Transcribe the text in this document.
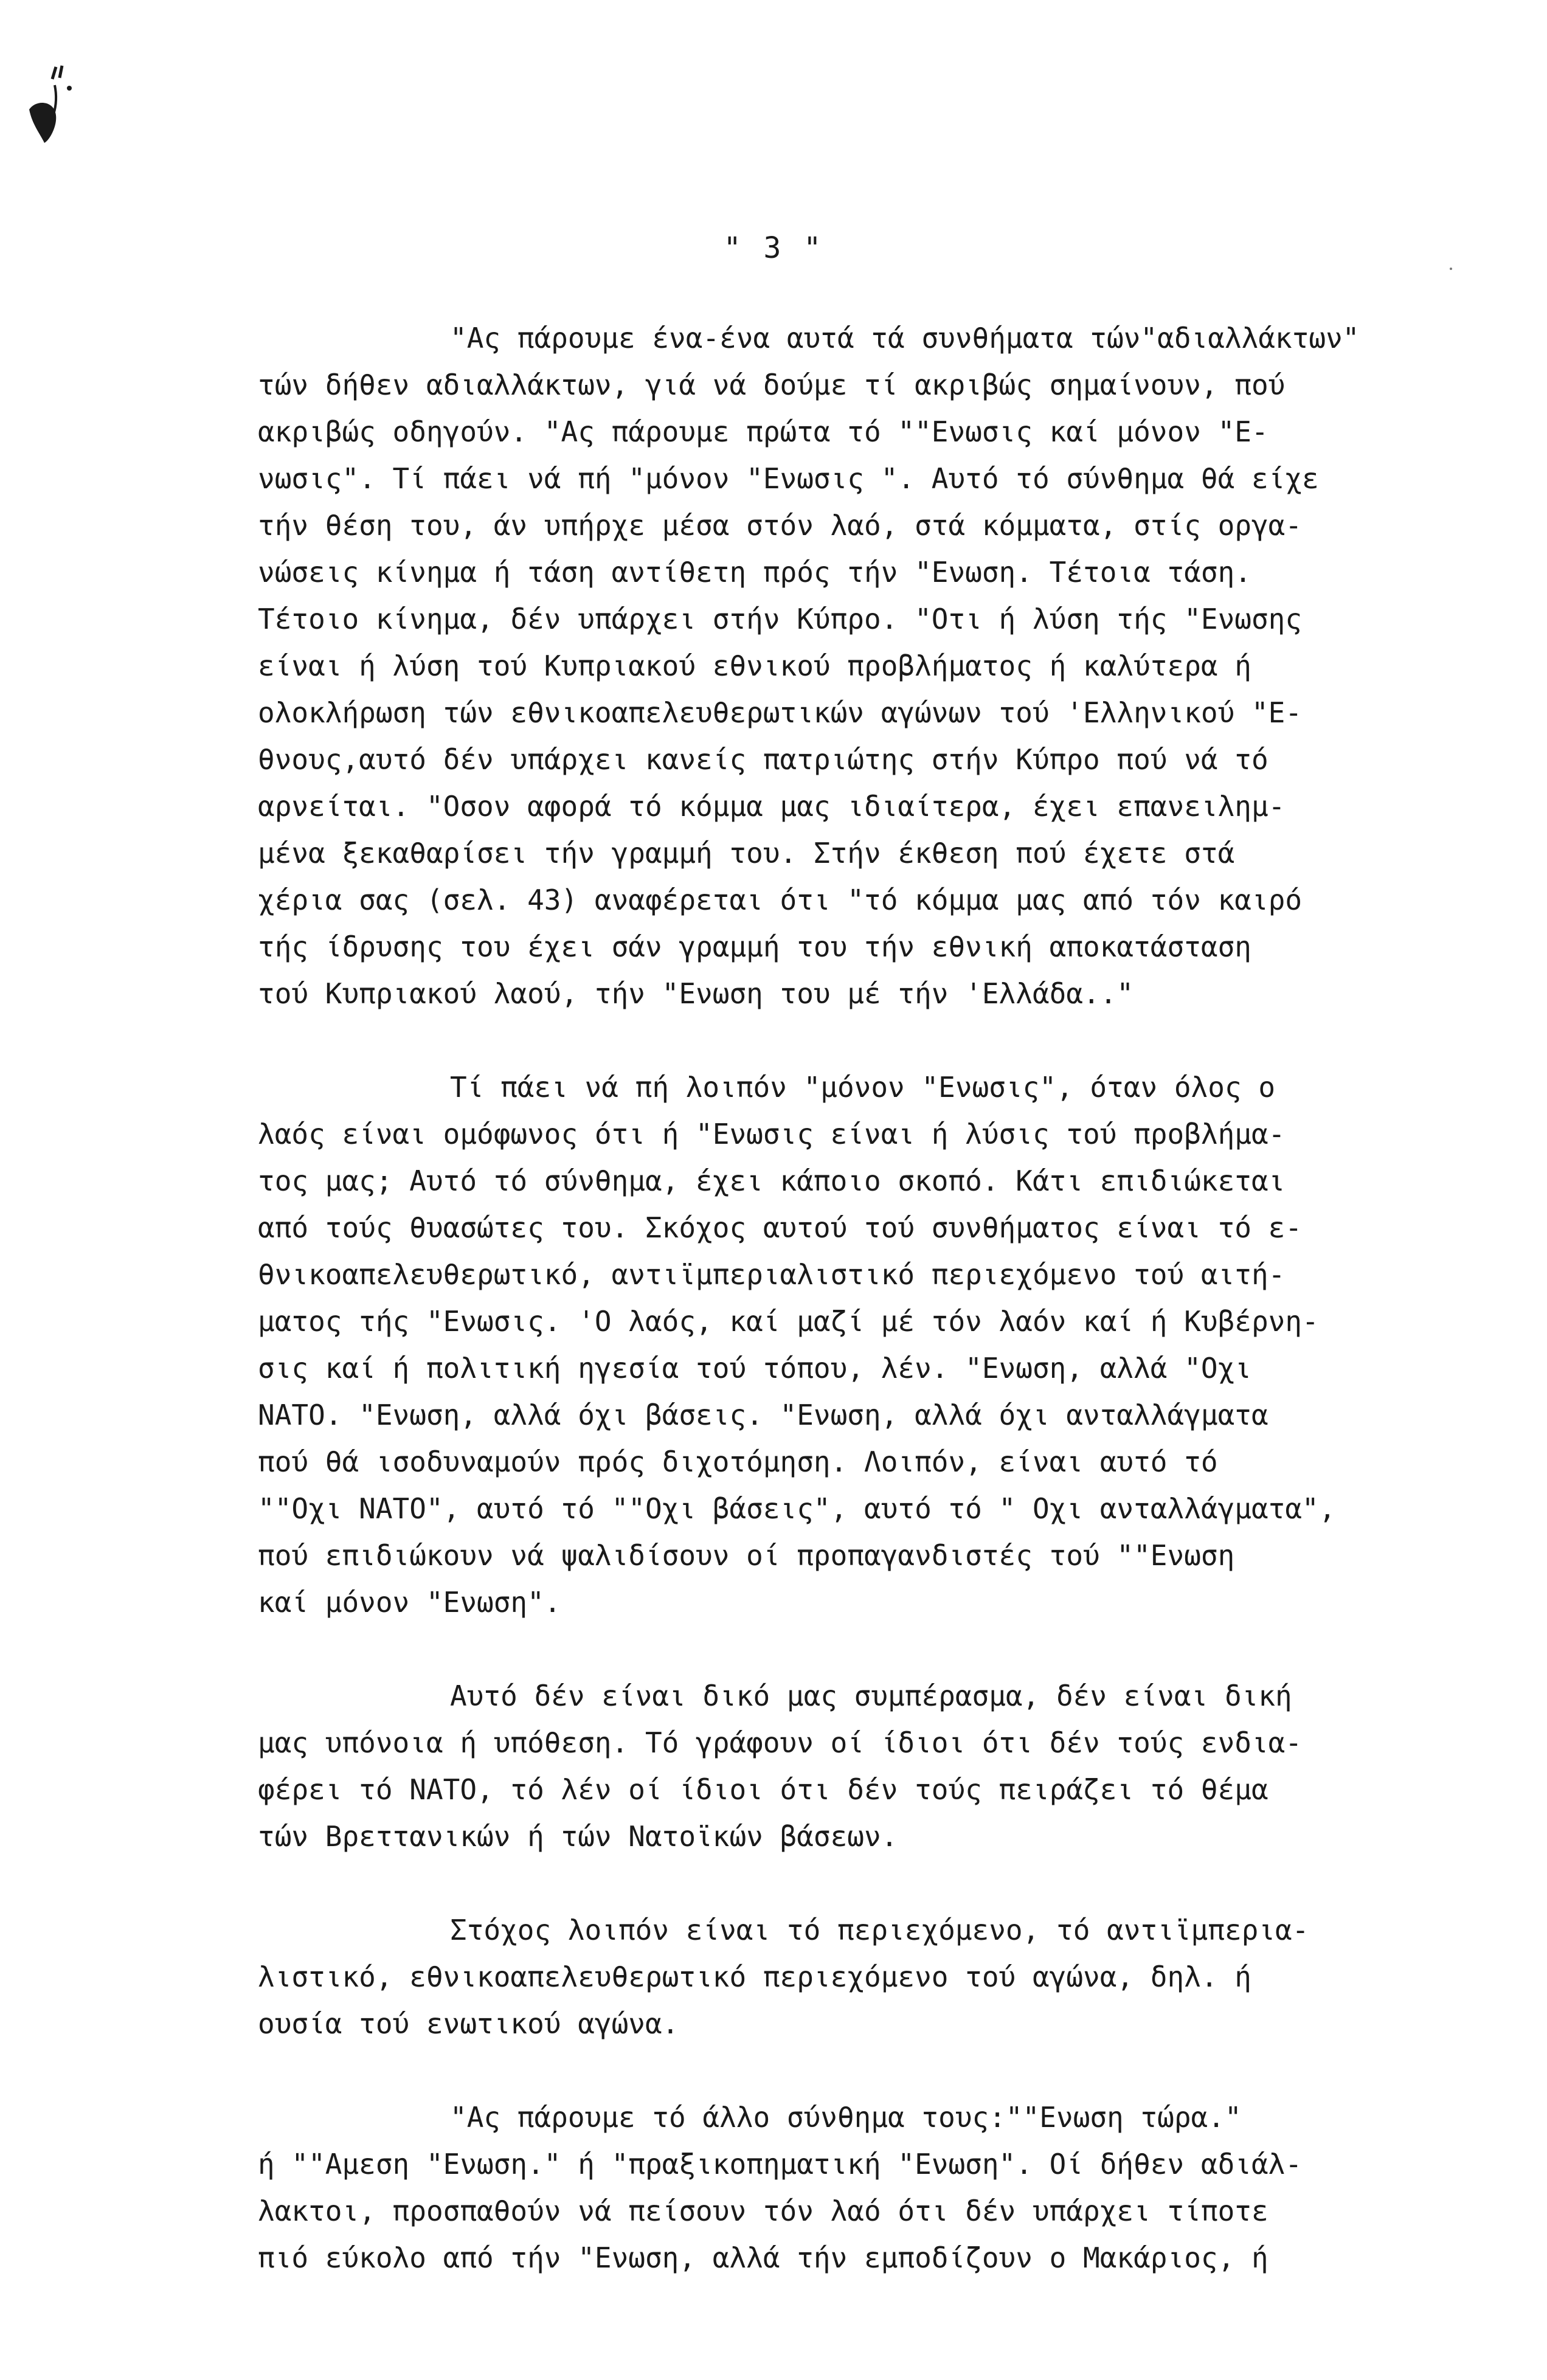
" 3 "
"Ας πάρουμε ένα-ένα αυτά τά συνθήματα τών"αδιαλλάκτων"
τών δήθεν αδιαλλάκτων, γιά νά δούμε τί ακριβώς σημαίνουν, πού
ακριβώς οδηγούν. "Ας πάρουμε πρώτα τό ""Ενωσις καί μόνον "Ε-
νωσις". Τί πάει νά πή "μόνον "Ενωσις ". Αυτό τό σύνθημα θά είχε
τήν θέση του, άν υπήρχε μέσα στόν λαό, στά κόμματα, στίς οργα-
νώσεις κίνημα ή τάση αντίθετη πρός τήν "Ενωση. Τέτοια τάση.
Τέτοιο κίνημα, δέν υπάρχει στήν Κύπρο. "Οτι ή λύση τής "Ενωσης
είναι ή λύση τού Κυπριακού εθνικού προβλήματος ή καλύτερα ή
ολοκλήρωση τών εθνικοαπελευθερωτικών αγώνων τού 'Ελληνικού "Ε-
θνους,αυτό δέν υπάρχει κανείς πατριώτης στήν Κύπρο πού νά τό
αρνείται. "Οσον αφορά τό κόμμα μας ιδιαίτερα, έχει επανειλημ-
μένα ξεκαθαρίσει τήν γραμμή του. Στήν έκθεση πού έχετε στά
χέρια σας (σελ. 43) αναφέρεται ότι "τό κόμμα μας από τόν καιρό
τής ίδρυσης του έχει σάν γραμμή του τήν εθνική αποκατάσταση
τού Κυπριακού λαού, τήν "Ενωση του μέ τήν 'Ελλάδα.."
Τί πάει νά πή λοιπόν "μόνον "Ενωσις", όταν όλος ο
λαός είναι ομόφωνος ότι ή "Ενωσις είναι ή λύσις τού προβλήμα-
τος μας; Αυτό τό σύνθημα, έχει κάποιο σκοπό. Κάτι επιδιώκεται
από τούς θυασώτες του. Σκόχος αυτού τού συνθήματος είναι τό ε-
θνικοαπελευθερωτικό, αντιϊμπεριαλιστικό περιεχόμενο τού αιτή-
ματος τής "Ενωσις. 'Ο λαός, καί μαζί μέ τόν λαόν καί ή Κυβέρνη-
σις καί ή πολιτική ηγεσία τού τόπου, λέν. "Ενωση, αλλά "Οχι
ΝΑΤΟ. "Ενωση, αλλά όχι βάσεις. "Ενωση, αλλά όχι ανταλλάγματα
πού θά ισοδυναμούν πρός διχοτόμηση. Λοιπόν, είναι αυτό τό
""Οχι ΝΑΤΟ", αυτό τό ""Οχι βάσεις", αυτό τό " Οχι ανταλλάγματα",
πού επιδιώκουν νά ψαλιδίσουν οί προπαγανδιστές τού ""Ενωση
καί μόνον "Ενωση".
Αυτό δέν είναι δικό μας συμπέρασμα, δέν είναι δική
μας υπόνοια ή υπόθεση. Τό γράφουν οί ίδιοι ότι δέν τούς ενδια-
φέρει τό ΝΑΤΟ, τό λέν οί ίδιοι ότι δέν τούς πειράζει τό θέμα
τών Βρεττανικών ή τών Νατοϊκών βάσεων.
Στόχος λοιπόν είναι τό περιεχόμενο, τό αντιϊμπερια-
λιστικό, εθνικοαπελευθερωτικό περιεχόμενο τού αγώνα, δηλ. ή
ουσία τού ενωτικού αγώνα.
"Ας πάρουμε τό άλλο σύνθημα τους:""Ενωση τώρα."
ή ""Αμεση "Ενωση." ή "πραξικοπηματική "Ενωση". Οί δήθεν αδιάλ-
λακτοι, προσπαθούν νά πείσουν τόν λαό ότι δέν υπάρχει τίποτε
πιό εύκολο από τήν "Ενωση, αλλά τήν εμποδίζουν ο Μακάριος, ή
